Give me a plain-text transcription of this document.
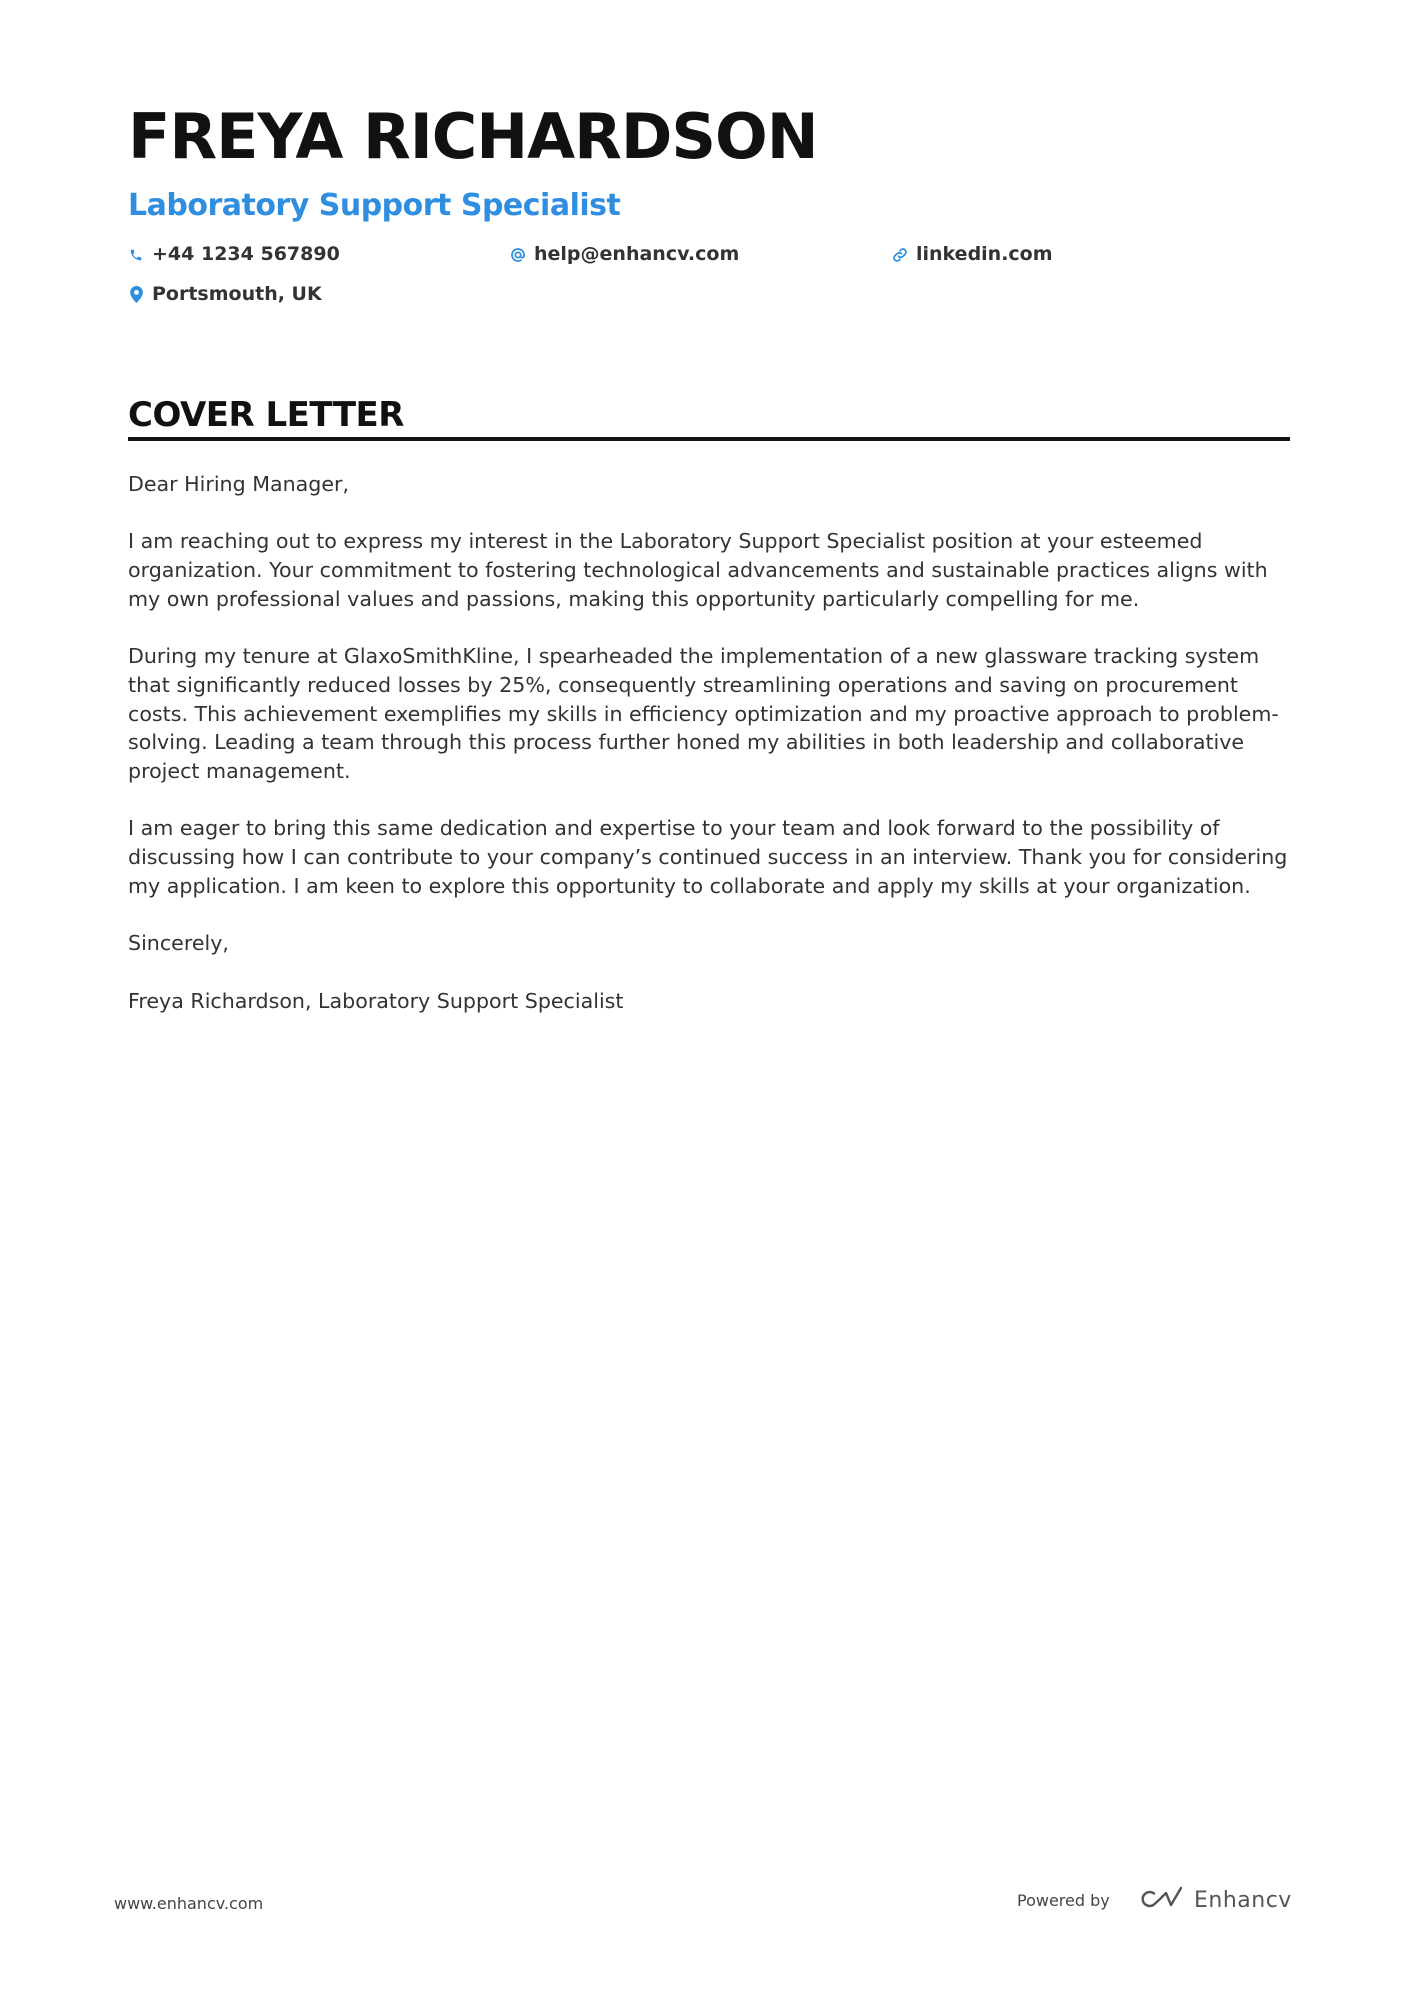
FREYA RICHARDSON
Laboratory Support Specialist
+44 1234 567890	help@enhancv.com	linkedin.com
Portsmouth, UK
COVER LETTER

Dear Hiring Manager,

I am reaching out to express my interest in the Laboratory Support Specialist position at your esteemed organization. Your commitment to fostering technological advancements and sustainable practices aligns with my own professional values and passions, making this opportunity particularly compelling for me.

During my tenure at GlaxoSmithKline, I spearheaded the implementation of a new glassware tracking system that significantly reduced losses by 25%, consequently streamlining operations and saving on procurement costs. This achievement exemplifies my skills in efficiency optimization and my proactive approach to problem-solving. Leading a team through this process further honed my abilities in both leadership and collaborative project management.

I am eager to bring this same dedication and expertise to your team and look forward to the possibility of discussing how I can contribute to your company’s continued success in an interview. Thank you for considering my application. I am keen to explore this opportunity to collaborate and apply my skills at your organization.

Sincerely,

Freya Richardson, Laboratory Support Specialist

www.enhancv.com	Powered by	Enhancv
